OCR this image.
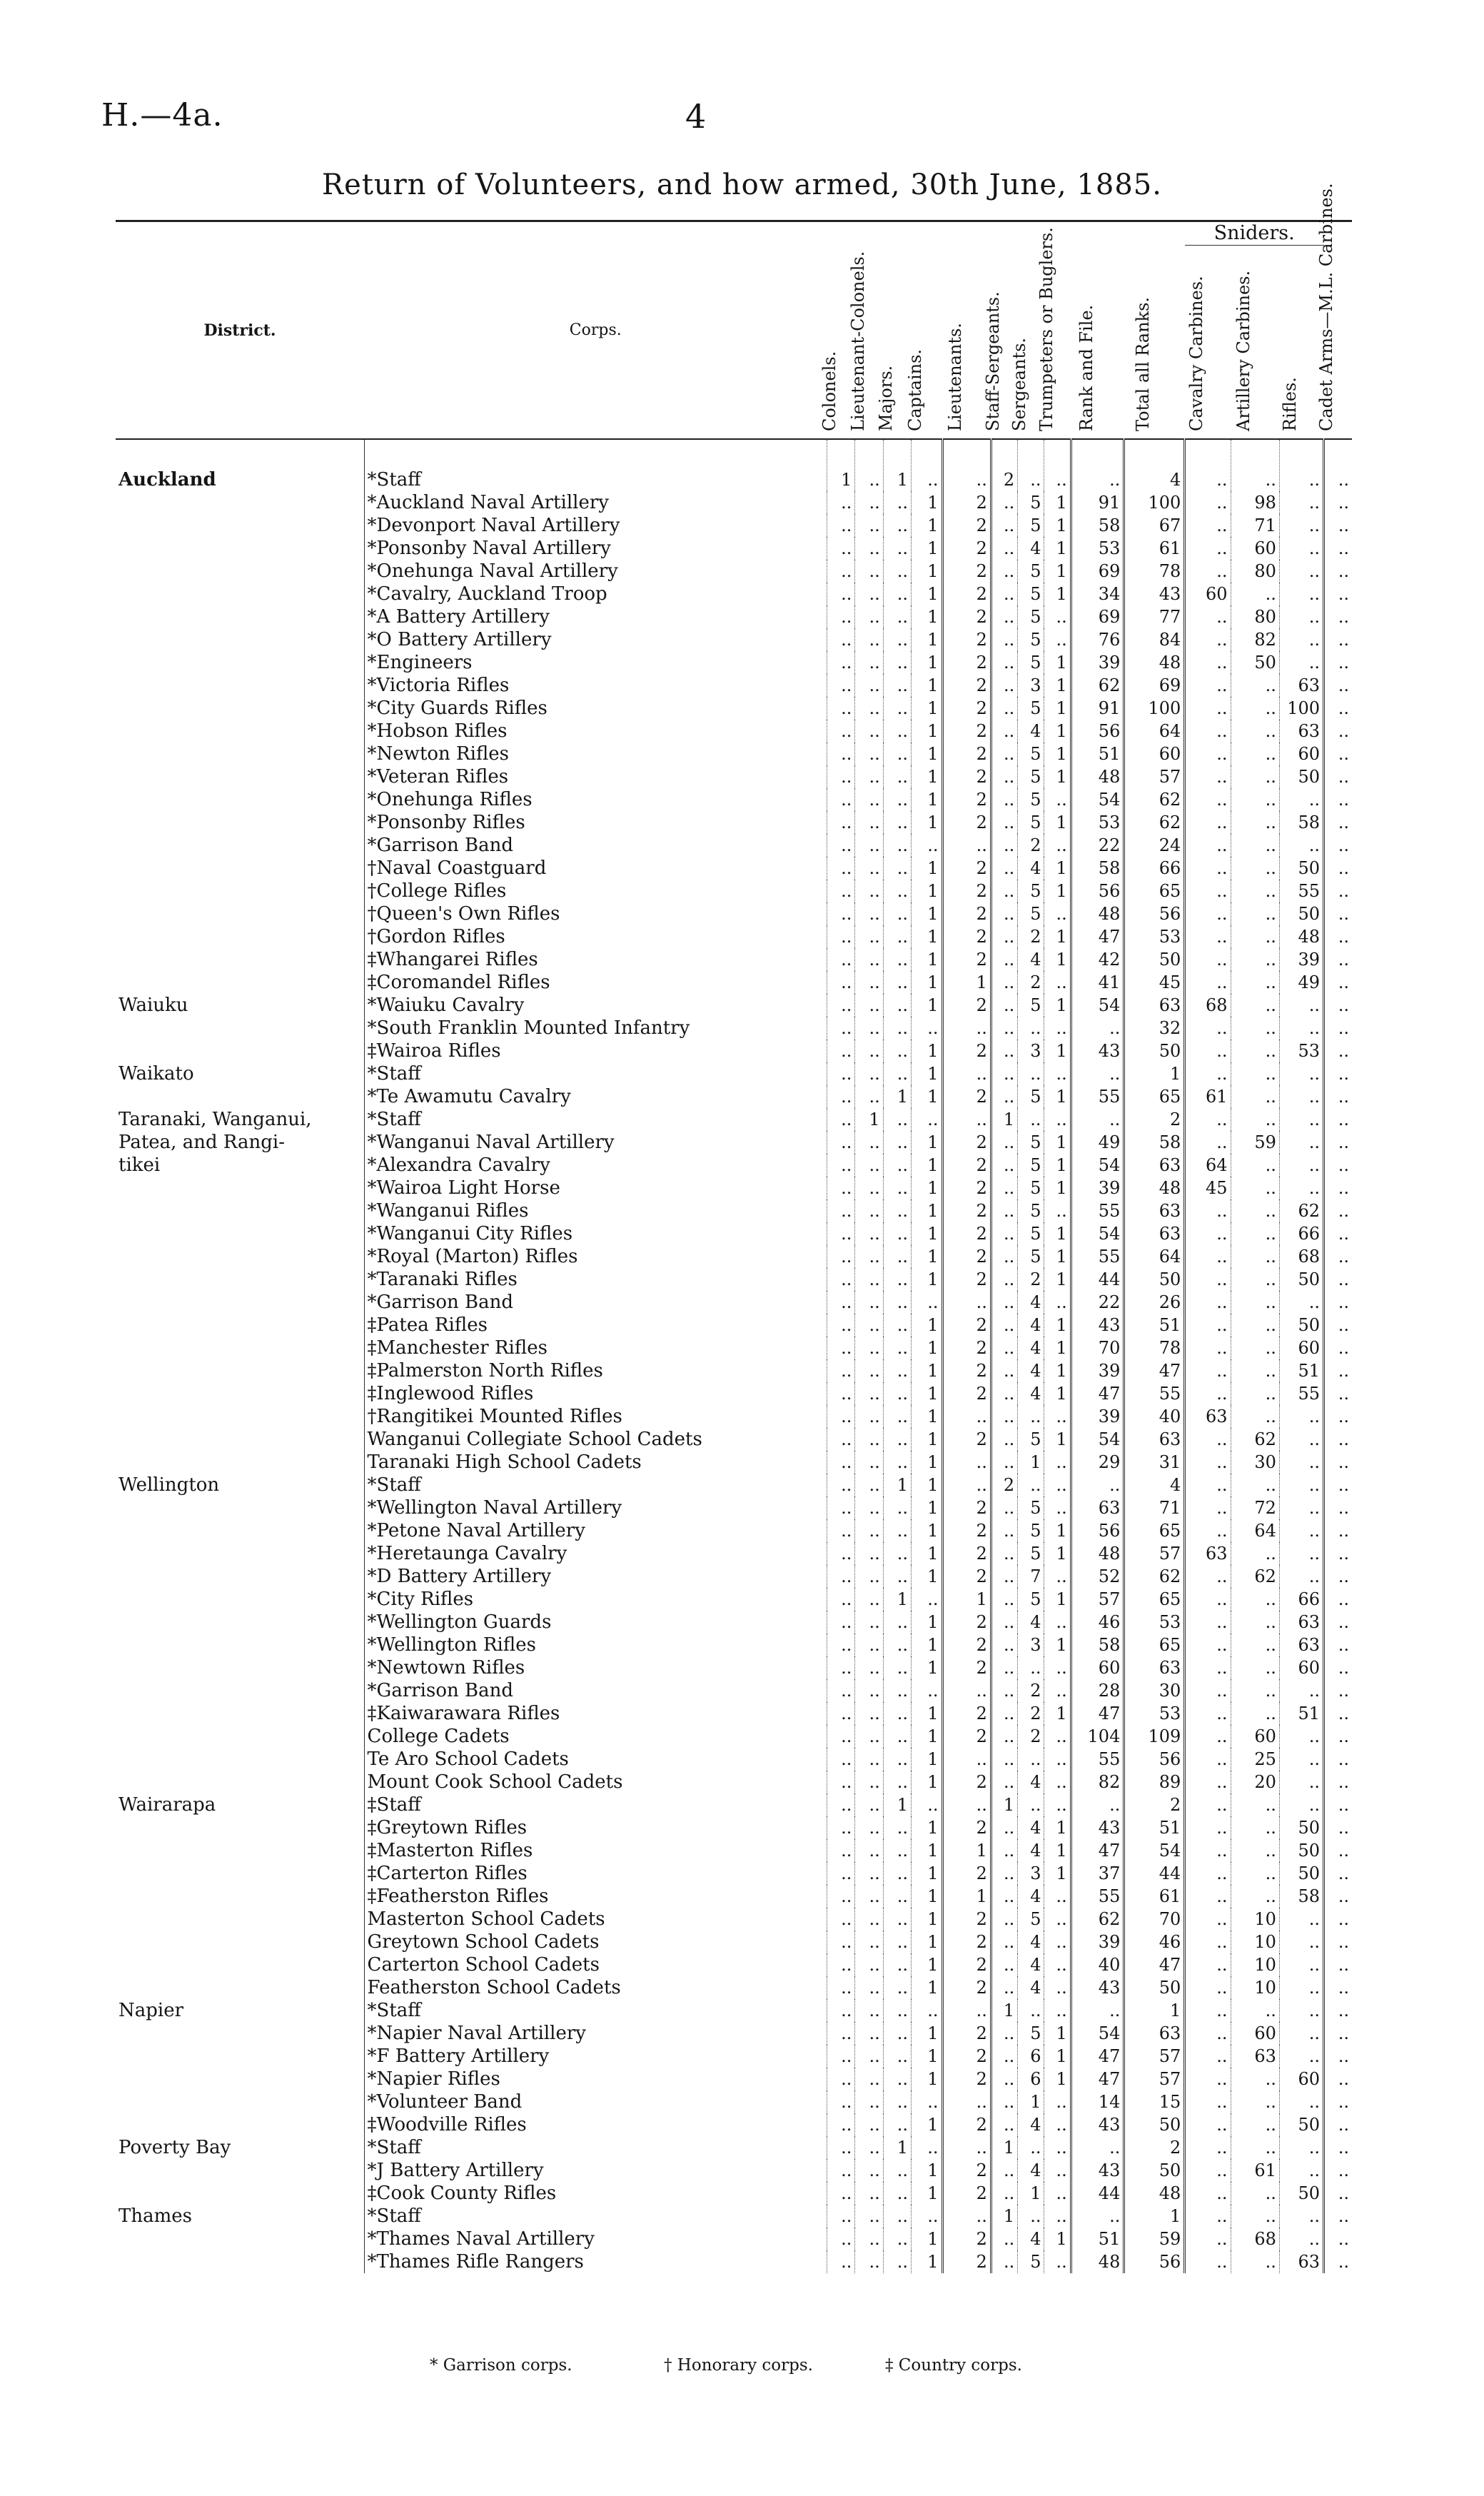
H.—4a.	4
Return of Volunteers, and how armed, 30th June, 1885.
District.	Corps.	Colonels.	Lieutenant-Colonels.	Majors.	Captains.	Lieutenants.	Staff-Sergeants.	Sergeants.	Trumpeters or Buglers.	Rank and File.	Total all Ranks.	Sniders.			Cadet Arms—M.L. Carbines.

												Cavalry Carbines.	Artillery Carbines.	Rifles.	

Auckland	*Staff	1	..	1	..	..	2	..	..	..	4	..	..	..	..
	*Auckland Naval Artillery	..	..	..	1	2	..	5	1	91	100	..	98	..	..
	*Devonport Naval Artillery	..	..	..	1	2	..	5	1	58	67	..	71	..	..
	*Ponsonby Naval Artillery	..	..	..	1	2	..	4	1	53	61	..	60	..	..
	*Onehunga Naval Artillery	..	..	..	1	2	..	5	1	69	78	..	80	..	..
	*Cavalry, Auckland Troop	..	..	..	1	2	..	5	1	34	43	60	..	..	..
	*A Battery Artillery	..	..	..	1	2	..	5	..	69	77	..	80	..	..
	*O Battery Artillery	..	..	..	1	2	..	5	..	76	84	..	82	..	..
	*Engineers	..	..	..	1	2	..	5	1	39	48	..	50	..	..
	*Victoria Rifles	..	..	..	1	2	..	3	1	62	69	..	..	63	..
	*City Guards Rifles	..	..	..	1	2	..	5	1	91	100	..	..	100	..
	*Hobson Rifles	..	..	..	1	2	..	4	1	56	64	..	..	63	..
	*Newton Rifles	..	..	..	1	2	..	5	1	51	60	..	..	60	..
	*Veteran Rifles	..	..	..	1	2	..	5	1	48	57	..	..	50	..
	*Onehunga Rifles	..	..	..	1	2	..	5	..	54	62	..	..	..	..
	*Ponsonby Rifles	..	..	..	1	2	..	5	1	53	62	..	..	58	..
	*Garrison Band	..	..	..	..	..	..	2	..	22	24	..	..	..	..
	†Naval Coastguard	..	..	..	1	2	..	4	1	58	66	..	..	50	..
	†College Rifles	..	..	..	1	2	..	5	1	56	65	..	..	55	..
	†Queen's Own Rifles	..	..	..	1	2	..	5	..	48	56	..	..	50	..
	†Gordon Rifles	..	..	..	1	2	..	2	1	47	53	..	..	48	..
	‡Whangarei Rifles	..	..	..	1	2	..	4	1	42	50	..	..	39	..
	‡Coromandel Rifles	..	..	..	1	1	..	2	..	41	45	..	..	49	..
Waiuku	*Waiuku Cavalry	..	..	..	1	2	..	5	1	54	63	68	..	..	..
	*South Franklin Mounted Infantry	..	..	..	..	..	..	..	..	..	32	..	..	..	..
	‡Wairoa Rifles	..	..	..	1	2	..	3	1	43	50	..	..	53	..
Waikato	*Staff	..	..	..	1	..	..	..	..	..	1	..	..	..	..
	*Te Awamutu Cavalry	..	..	1	1	2	..	5	1	55	65	61	..	..	..
Taranaki, Wanganui,	*Staff	..	1	..	..	..	1	..	..	..	2	..	..	..	..
Patea, and Rangi-	*Wanganui Naval Artillery	..	..	..	1	2	..	5	1	49	58	..	59	..	..
tikei	*Alexandra Cavalry	..	..	..	1	2	..	5	1	54	63	64	..	..	..
	*Wairoa Light Horse	..	..	..	1	2	..	5	1	39	48	45	..	..	..
	*Wanganui Rifles	..	..	..	1	2	..	5	..	55	63	..	..	62	..
	*Wanganui City Rifles	..	..	..	1	2	..	5	1	54	63	..	..	66	..
	*Royal (Marton) Rifles	..	..	..	1	2	..	5	1	55	64	..	..	68	..
	*Taranaki Rifles	..	..	..	1	2	..	2	1	44	50	..	..	50	..
	*Garrison Band	..	..	..	..	..	..	4	..	22	26	..	..	..	..
	‡Patea Rifles	..	..	..	1	2	..	4	1	43	51	..	..	50	..
	‡Manchester Rifles	..	..	..	1	2	..	4	1	70	78	..	..	60	..
	‡Palmerston North Rifles	..	..	..	1	2	..	4	1	39	47	..	..	51	..
	‡Inglewood Rifles	..	..	..	1	2	..	4	1	47	55	..	..	55	..
	†Rangitikei Mounted Rifles	..	..	..	1	..	..	..	..	39	40	63	..	..	..
	Wanganui Collegiate School Cadets	..	..	..	1	2	..	5	1	54	63	..	62	..	..
	Taranaki High School Cadets	..	..	..	1	..	..	1	..	29	31	..	30	..	..
Wellington	*Staff	..	..	1	1	..	2	..	..	..	4	..	..	..	..
	*Wellington Naval Artillery	..	..	..	1	2	..	5	..	63	71	..	72	..	..
	*Petone Naval Artillery	..	..	..	1	2	..	5	1	56	65	..	64	..	..
	*Heretaunga Cavalry	..	..	..	1	2	..	5	1	48	57	63	..	..	..
	*D Battery Artillery	..	..	..	1	2	..	7	..	52	62	..	62	..	..
	*City Rifles	..	..	1	..	1	..	5	1	57	65	..	..	66	..
	*Wellington Guards	..	..	..	1	2	..	4	..	46	53	..	..	63	..
	*Wellington Rifles	..	..	..	1	2	..	3	1	58	65	..	..	63	..
	*Newtown Rifles	..	..	..	1	2	..	..	..	60	63	..	..	60	..
	*Garrison Band	..	..	..	..	..	..	2	..	28	30	..	..	..	..
	‡Kaiwarawara Rifles	..	..	..	1	2	..	2	1	47	53	..	..	51	..
	College Cadets	..	..	..	1	2	..	2	..	104	109	..	60	..	..
	Te Aro School Cadets	..	..	..	1	..	..	..	..	55	56	..	25	..	..
	Mount Cook School Cadets	..	..	..	1	2	..	4	..	82	89	..	20	..	..
Wairarapa	‡Staff	..	..	1	..	..	1	..	..	..	2	..	..	..	..
	‡Greytown Rifles	..	..	..	1	2	..	4	1	43	51	..	..	50	..
	‡Masterton Rifles	..	..	..	1	1	..	4	1	47	54	..	..	50	..
	‡Carterton Rifles	..	..	..	1	2	..	3	1	37	44	..	..	50	..
	‡Featherston Rifles	..	..	..	1	1	..	4	..	55	61	..	..	58	..
	Masterton School Cadets	..	..	..	1	2	..	5	..	62	70	..	10	..	..
	Greytown School Cadets	..	..	..	1	2	..	4	..	39	46	..	10	..	..
	Carterton School Cadets	..	..	..	1	2	..	4	..	40	47	..	10	..	..
	Featherston School Cadets	..	..	..	1	2	..	4	..	43	50	..	10	..	..
Napier	*Staff	..	..	..	..	..	1	..	..	..	1	..	..	..	..
	*Napier Naval Artillery	..	..	..	1	2	..	5	1	54	63	..	60	..	..
	*F Battery Artillery	..	..	..	1	2	..	6	1	47	57	..	63	..	..
	*Napier Rifles	..	..	..	1	2	..	6	1	47	57	..	..	60	..
	*Volunteer Band	..	..	..	..	..	..	1	..	14	15	..	..	..	..
	‡Woodville Rifles	..	..	..	1	2	..	4	..	43	50	..	..	50	..
Poverty Bay	*Staff	..	..	1	..	..	1	..	..	..	2	..	..	..	..
	*J Battery Artillery	..	..	..	1	2	..	4	..	43	50	..	61	..	..
	‡Cook County Rifles	..	..	..	1	2	..	1	..	44	48	..	..	50	..
Thames	*Staff	..	..	..	..	..	1	..	..	..	1	..	..	..	..
	*Thames Naval Artillery	..	..	..	1	2	..	4	1	51	59	..	68	..	..
	*Thames Rifle Rangers	..	..	..	1	2	..	5	..	48	56	..	..	63	..
* Garrison corps.	† Honorary corps.	‡ Country corps.
